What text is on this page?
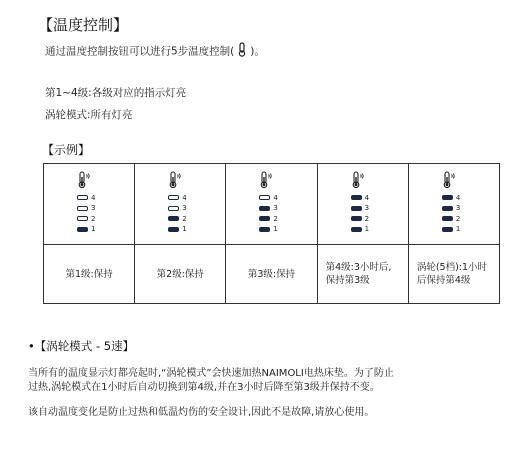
【温度控制】
通过温度控制按钮可以进行5步温度控制( )。
第1~4级:各级对应的指示灯亮
涡轮模式:所有灯亮
【示例】
4
3
2
1
第1级:保持
4
3
2
1
第2级:保持
4
3
2
1
第3级:保持
4
3
2
1
第4级:3小时后,保持第3级
4
3
2
1
涡轮(5档):1小时后保持第4级
•【涡轮模式 - 5速】
当所有的温度显示灯都亮起时,“涡轮模式”会快速加热NAIMOLI电热床垫。为了防止
过热,涡轮模式在1小时后自动切换到第4级,并在3小时后降至第3级并保持不变。
该自动温度变化是防止过热和低温灼伤的安全设计,因此不是故障,请放心使用。
